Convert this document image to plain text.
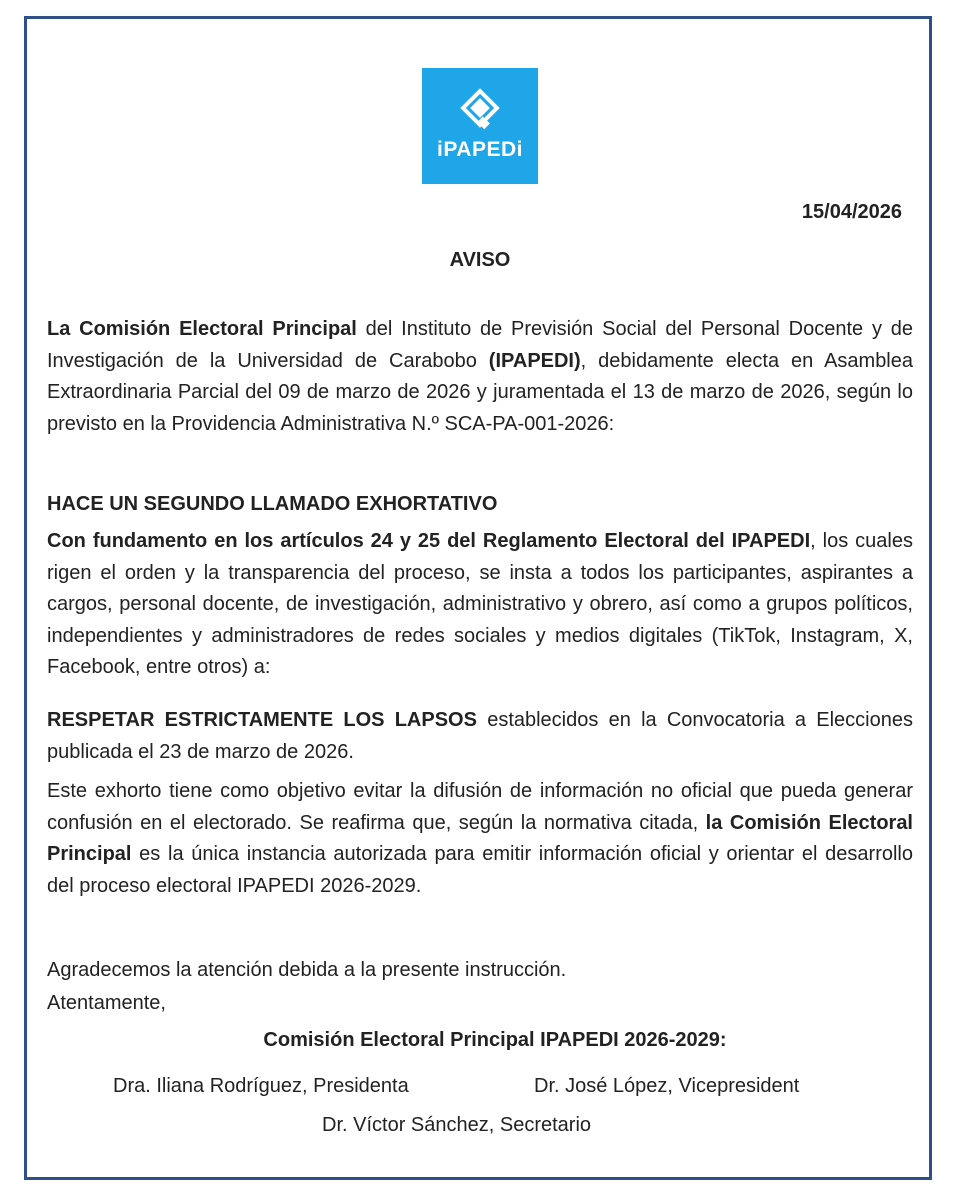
iPAPEDi
15/04/2026
AVISO

La Comisión Electoral Principal del Instituto de Previsión Social del Personal Docente y de Investigación de la Universidad de Carabobo (IPAPEDI), debidamente electa en Asamblea Extraordinaria Parcial del 09 de marzo de 2026 y juramentada el 13 de marzo de 2026, según lo previsto en la Providencia Administrativa N.º SCA-PA-001-2026:

HACE UN SEGUNDO LLAMADO EXHORTATIVO

Con fundamento en los artículos 24 y 25 del Reglamento Electoral del IPAPEDI, los cuales rigen el orden y la transparencia del proceso, se insta a todos los participantes, aspirantes a cargos, personal docente, de investigación, administrativo y obrero, así como a grupos políticos, independientes y administradores de redes sociales y medios digitales (TikTok, Instagram, X, Facebook, entre otros) a:

RESPETAR ESTRICTAMENTE LOS LAPSOS establecidos en la Convocatoria a Elecciones publicada el 23 de marzo de 2026.

Este exhorto tiene como objetivo evitar la difusión de información no oficial que pueda generar confusión en el electorado. Se reafirma que, según la normativa citada, la Comisión Electoral Principal es la única instancia autorizada para emitir información oficial y orientar el desarrollo del proceso electoral IPAPEDI 2026-2029.

Agradecemos la atención debida a la presente instrucción.
Atentamente,
Comisión Electoral Principal IPAPEDI 2026-2029:
Dra. Iliana Rodríguez, Presidenta	Dr. José López, Vicepresident
Dr. Víctor Sánchez, Secretario
